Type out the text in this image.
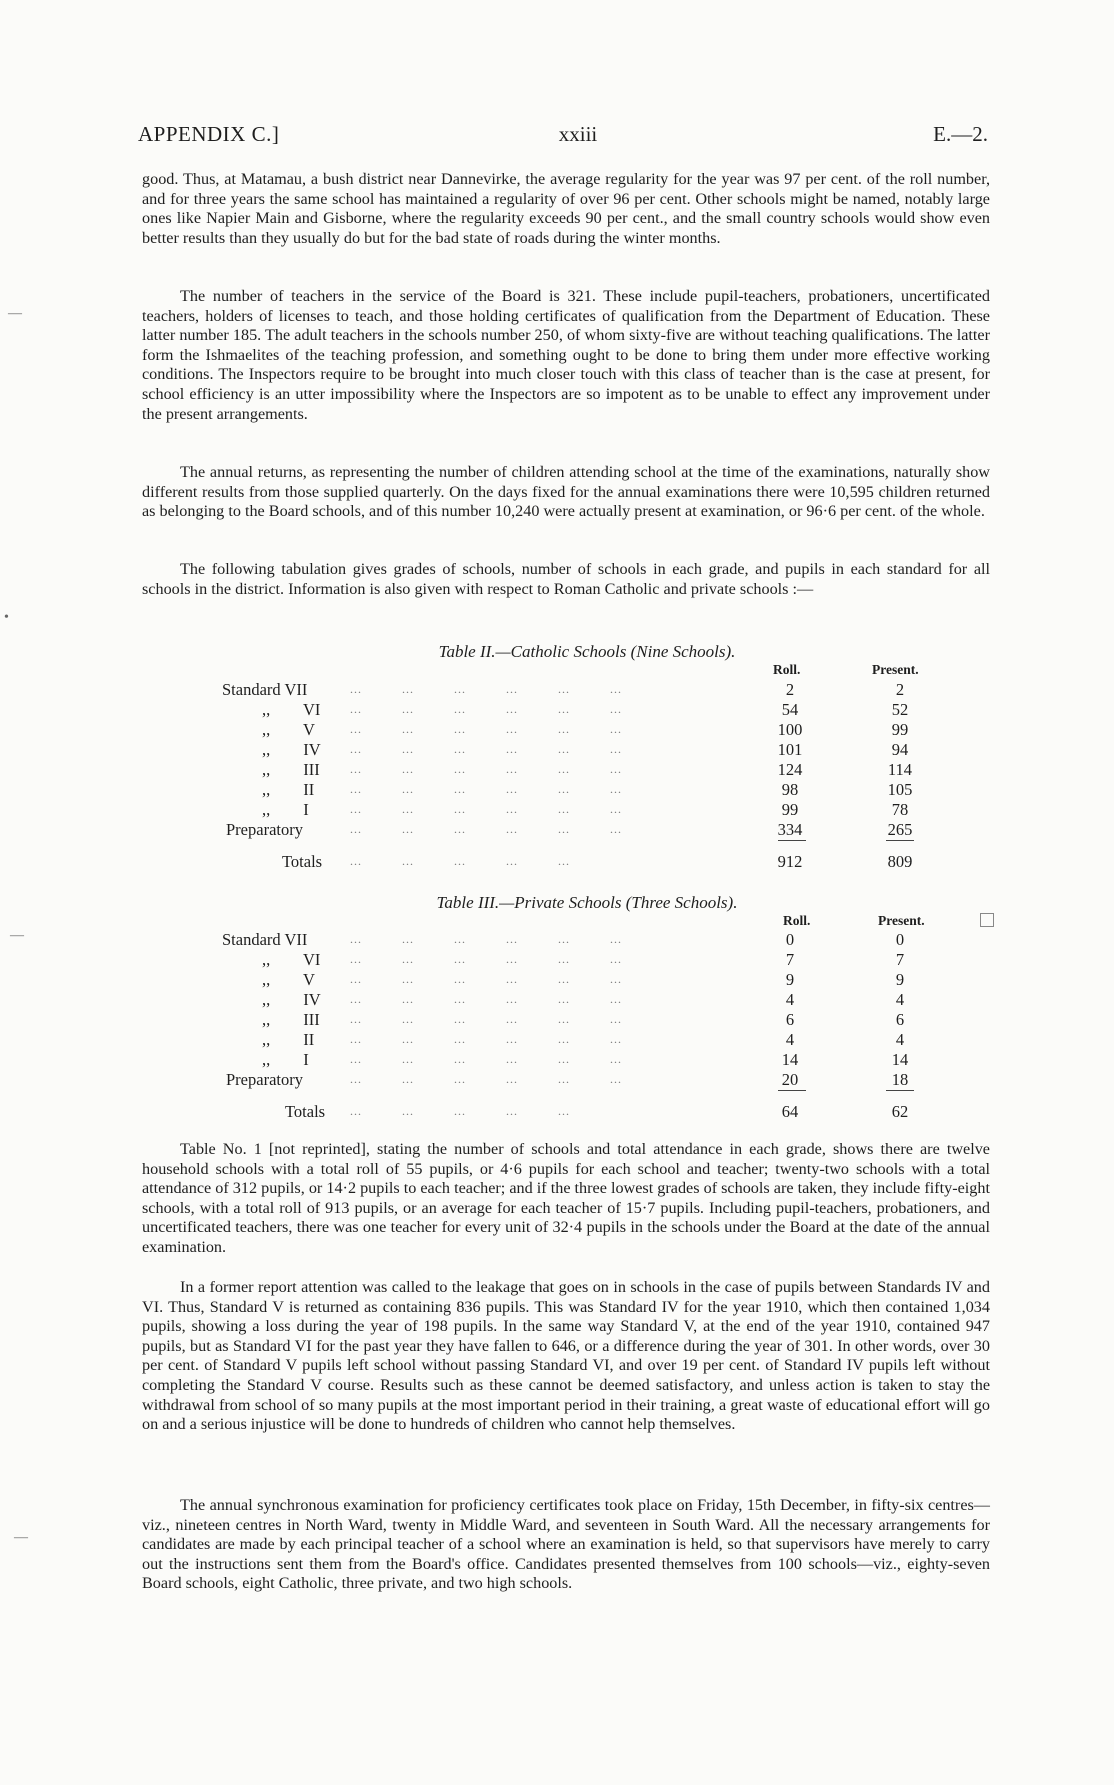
APPENDIX C.]	xxiii	E.—2.
—
•
—
—

good. Thus, at Matamau, a bush district near Dannevirke, the average regularity for the year was 97 per cent. of the roll number, and for three years the same school has maintained a regularity of over 96 per cent. Other schools might be named, notably large ones like Napier Main and Gisborne, where the regularity exceeds 90 per cent., and the small country schools would show even better results than they usually do but for the bad state of roads during the winter months.

The number of teachers in the service of the Board is 321. These include pupil-teachers, probationers, uncertificated teachers, holders of licenses to teach, and those holding certificates of qualification from the Department of Education. These latter number 185. The adult teachers in the schools number 250, of whom sixty-five are without teaching qualifications. The latter form the Ishmaelites of the teaching profession, and something ought to be done to bring them under more effective working conditions. The Inspectors require to be brought into much closer touch with this class of teacher than is the case at present, for school efficiency is an utter impossibility where the Inspectors are so impotent as to be unable to effect any improvement under the present arrangements.

The annual returns, as representing the number of children attending school at the time of the examinations, naturally show different results from those supplied quarterly. On the days fixed for the annual examinations there were 10,595 children returned as belonging to the Board schools, and of this number 10,240 were actually present at examination, or 96·6 per cent. of the whole.

The following tabulation gives grades of schools, number of schools in each grade, and pupils in each standard for all schools in the district. Information is also given with respect to Roman Catholic and private schools :—

Table II.—Catholic Schools (Nine Schools).
Roll.	Present.
Standard VII	...          ...          ...          ...          ...          ...	2	2
,,        VI ...          ...          ...          ...          ...          ...	54	52
,,        V	...          ...          ...          ...          ...          ...	100	99
,,        IV ...          ...          ...          ...          ...          ...	101	94
,,        III	...          ...          ...          ...          ...          ...	124	114
,,        II	...          ...          ...          ...          ...          ...	98	105
,,        I	...          ...          ...          ...          ...          ...	99	78
Preparatory	...          ...          ...          ...          ...          ...	334	265
Totals ...          ...          ...          ...          ...	912	809
Table III.—Private Schools (Three Schools).
Roll.	Present.
Standard VII	...          ...          ...          ...          ...          ...	0	0
,,        VI ...          ...          ...          ...          ...          ...	7	7
,,        V	...          ...          ...          ...          ...          ...	9	9
,,        IV ...          ...          ...          ...          ...          ...	4	4
,,        III	...          ...          ...          ...          ...          ...	6	6
,,        II	...          ...          ...          ...          ...          ...	4	4
,,        I	...          ...          ...          ...          ...          ...	14	14
Preparatory	...          ...          ...          ...          ...          ...	20	18
Totals ...          ...          ...          ...          ...	64	62

Table No. 1 [not reprinted], stating the number of schools and total attendance in each grade, shows there are twelve household schools with a total roll of 55 pupils, or 4·6 pupils for each school and teacher; twenty-two schools with a total attendance of 312 pupils, or 14·2 pupils to each teacher; and if the three lowest grades of schools are taken, they include fifty-eight schools, with a total roll of 913 pupils, or an average for each teacher of 15·7 pupils. Including pupil-teachers, probationers, and uncertificated teachers, there was one teacher for every unit of 32·4 pupils in the schools under the Board at the date of the annual examination.

In a former report attention was called to the leakage that goes on in schools in the case of pupils between Standards IV and VI. Thus, Standard V is returned as containing 836 pupils. This was Standard IV for the year 1910, which then contained 1,034 pupils, showing a loss during the year of 198 pupils. In the same way Standard V, at the end of the year 1910, contained 947 pupils, but as Standard VI for the past year they have fallen to 646, or a difference during the year of 301. In other words, over 30 per cent. of Standard V pupils left school without passing Standard VI, and over 19 per cent. of Standard IV pupils left without completing the Standard V course. Results such as these cannot be deemed satisfactory, and unless action is taken to stay the withdrawal from school of so many pupils at the most important period in their training, a great waste of educational effort will go on and a serious injustice will be done to hundreds of children who cannot help themselves.

The annual synchronous examination for proficiency certificates took place on Friday, 15th December, in fifty-six centres—viz., nineteen centres in North Ward, twenty in Middle Ward, and seventeen in South Ward. All the necessary arrangements for candidates are made by each principal teacher of a school where an examination is held, so that supervisors have merely to carry out the instructions sent them from the Board's office. Candidates presented themselves from 100 schools—viz., eighty-seven Board schools, eight Catholic, three private, and two high schools.
